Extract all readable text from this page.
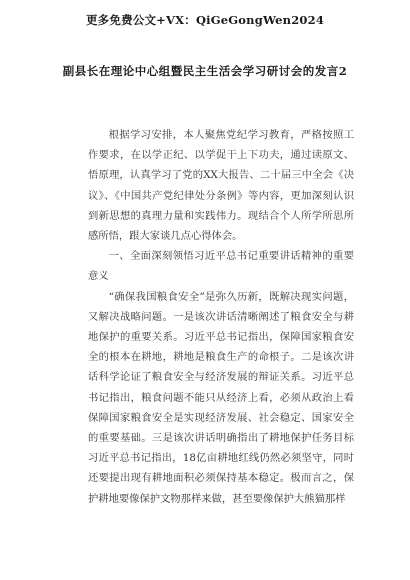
更多免费公文+VX：QiGeGongWen2024
副县长在理论中心组暨民主生活会学习研讨会的发言2

根据学习安排，本人聚焦党纪学习教育，严格按照工作要求，在以学正纪、以学促干上下功夫，通过读原文、悟原理，认真学习了党的XX大报告、二十届三中全会《决议》、《中国共产党纪律处分条例》等内容，更加深刻认识到新思想的真理力量和实践伟力。现结合个人所学所思所感所悟，跟大家谈几点心得体会。

一、全面深刻领悟习近平总书记重要讲话精神的重要意义

“确保我国粮食安全”是弥久历新，既解决现实问题，又解决战略问题。一是该次讲话清晰阐述了粮食安全与耕地保护的重要关系。习近平总书记指出，保障国家粮食安全的根本在耕地，耕地是粮食生产的命根子。二是该次讲话科学论证了粮食安全与经济发展的辩证关系。习近平总书记指出，粮食问题不能只从经济上看，必须从政治上看保障国家粮食安全是实现经济发展、社会稳定、国家安全的重要基础。三是该次讲话明确指出了耕地保护任务目标习近平总书记指出，18亿亩耕地红线仍然必须坚守，同时还要提出现有耕地面积必须保持基本稳定。极而言之，保护耕地要像保护文物那样来做，甚至要像保护大熊猫那样
